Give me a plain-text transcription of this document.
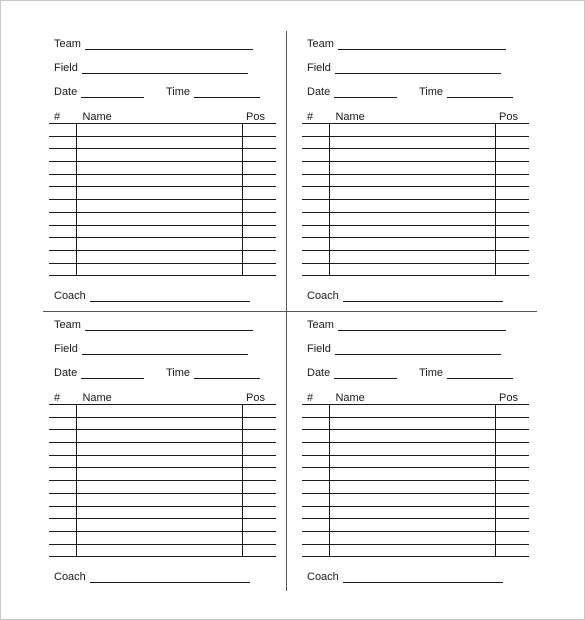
Team
Field
Date	Time
#	Name	Pos

Coach
Team
Field
Date	Time
#	Name	Pos

Coach
Team
Field
Date	Time
#	Name	Pos

Coach
Team
Field
Date	Time
#	Name	Pos

Coach
